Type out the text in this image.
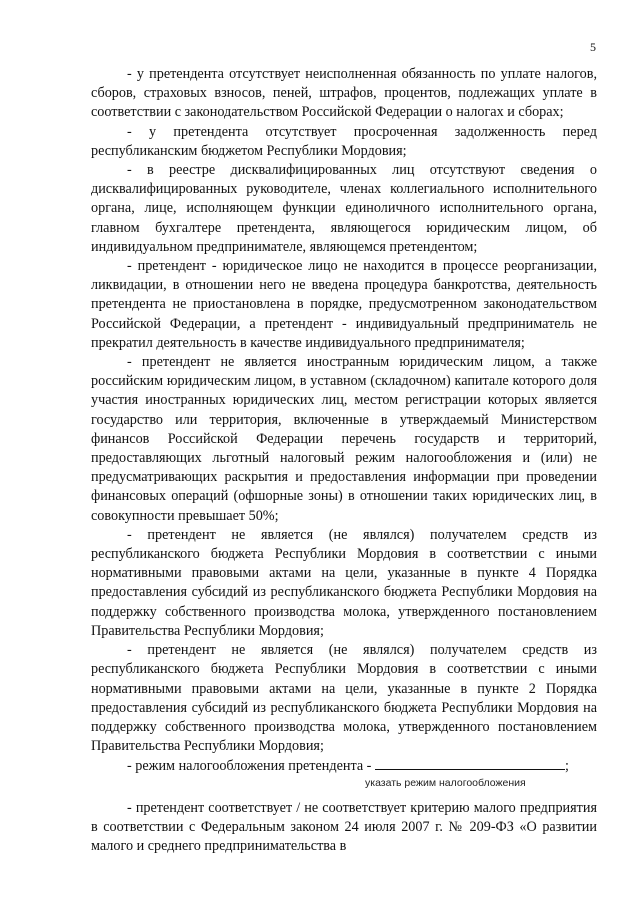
5

- у претендента отсутствует неисполненная обязанность по уплате налогов, сборов, страховых взносов, пеней, штрафов, процентов, подлежащих уплате в соответствии с законодательством Российской Федерации о налогах и сборах;

- у претендента отсутствует просроченная задолженность перед республиканским бюджетом Республики Мордовия;

- в реестре дисквалифицированных лиц отсутствуют сведения о дисквалифицированных руководителе, членах коллегиального исполнительного органа, лице, исполняющем функции единоличного исполнительного органа, главном бухгалтере претендента, являющегося юридическим лицом, об индивидуальном предпринимателе, являющемся претендентом;

- претендент - юридическое лицо не находится в процессе реорганизации, ликвидации, в отношении него не введена процедура банкротства, деятельность претендента не приостановлена в порядке, предусмотренном законодательством Российской Федерации, а претендент - индивидуальный предприниматель не прекратил деятельность в качестве индивидуального предпринимателя;

- претендент не является иностранным юридическим лицом, а также российским юридическим лицом, в уставном (складочном) капитале которого доля участия иностранных юридических лиц, местом регистрации которых является государство или территория, включенные в утверждаемый Министерством финансов Российской Федерации перечень государств и территорий, предоставляющих льготный налоговый режим налогообложения и (или) не предусматривающих раскрытия и предоставления информации при проведении финансовых операций (офшорные зоны) в отношении таких юридических лиц, в совокупности превышает 50%;

- претендент не является (не являлся) получателем средств из республиканского бюджета Республики Мордовия в соответствии с иными нормативными правовыми актами на цели, указанные в пункте 4 Порядка предоставления субсидий из республиканского бюджета Республики Мордовия на поддержку собственного производства молока, утвержденного постановлением Правительства Республики Мордовия;

- претендент не является (не являлся) получателем средств из республиканского бюджета Республики Мордовия в соответствии с иными нормативными правовыми актами на цели, указанные в пункте 2 Порядка предоставления субсидий из республиканского бюджета Республики Мордовия на поддержку собственного производства молока, утвержденного постановлением Правительства Республики Мордовия;

- режим налогообложения претендента -	;

указать режим налогообложения

- претендент соответствует / не соответствует критерию малого предприятия в соответствии с Федеральным законом 24 июля 2007 г. № 209-ФЗ «О развитии малого и среднего предпринимательства в
